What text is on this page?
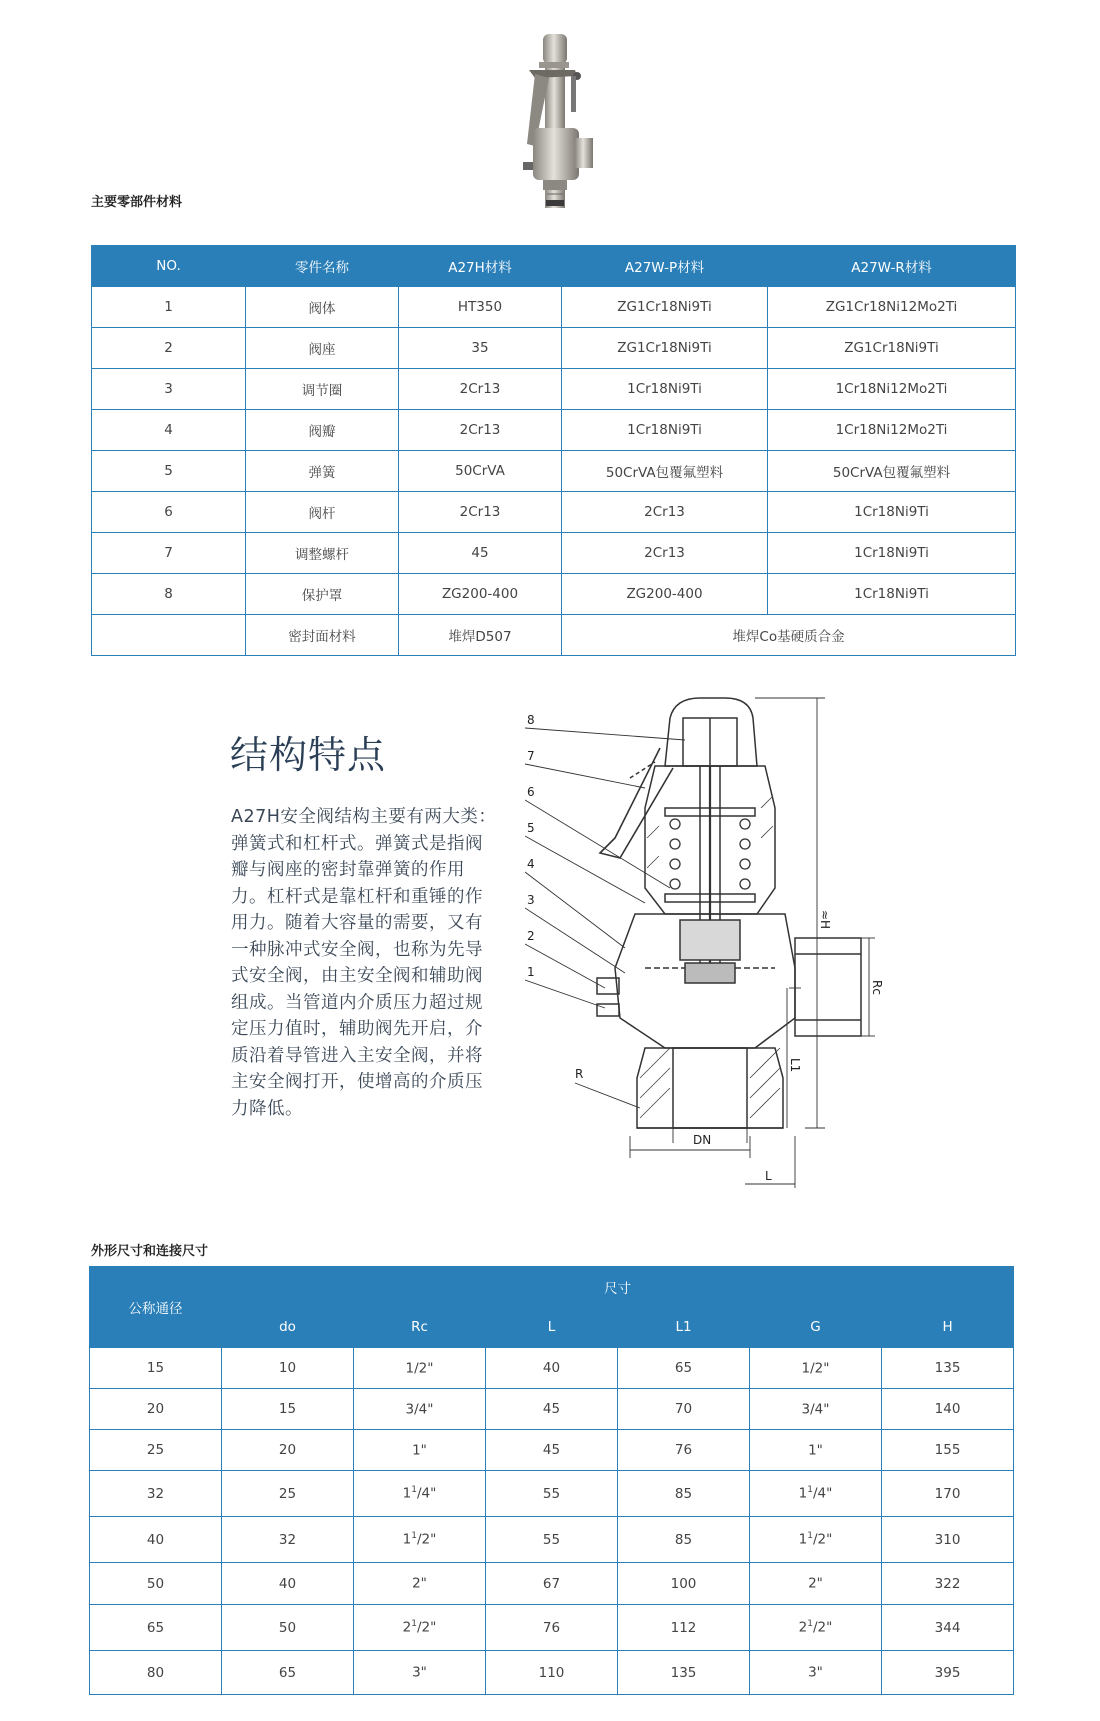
主要零部件材料
NO.	零件名称	A27H材料	A27W-P材料	A27W-R材料
1	阀体	HT350	ZG1Cr18Ni9Ti	ZG1Cr18Ni12Mo2Ti
2	阀座	35	ZG1Cr18Ni9Ti	ZG1Cr18Ni9Ti
3	调节圈	2Cr13	1Cr18Ni9Ti	1Cr18Ni12Mo2Ti
4	阀瓣	2Cr13	1Cr18Ni9Ti	1Cr18Ni12Mo2Ti
5	弹簧	50CrVA	50CrVA包覆氟塑料	50CrVA包覆氟塑料
6	阀杆	2Cr13	2Cr13	1Cr18Ni9Ti
7	调整螺杆	45	2Cr13	1Cr18Ni9Ti
8	保护罩	ZG200-400	ZG200-400	1Cr18Ni9Ti
	密封面材料	堆焊D507	堆焊Co基硬质合金	
结构特点
A27H安全阀结构主要有两大类：
弹簧式和杠杆式。弹簧式是指阀
瓣与阀座的密封靠弹簧的作用
力。杠杆式是靠杠杆和重锤的作
用力。随着大容量的需要，又有
一种脉冲式安全阀，也称为先导
式安全阀，由主安全阀和辅助阀
组成。当管道内介质压力超过规
定压力值时，辅助阀先开启，介
质沿着导管进入主安全阀，并将
主安全阀打开，使增高的介质压
力降低。
8
7
6
5
4
3
2
1
≈H
Rc
L1
DN
L
R
外形尺寸和连接尺寸
公称通径	尺寸					
	do	Rc	L	L1	G	H
15	10	1/2"	40	65	1/2"	135
20	15	3/4"	45	70	3/4"	140
25	20	1"	45	76	1"	155
32	25	$1^1/4$"	55	85	$1^1/4$"	170
40	32	$1^1/2$"	55	85	$1^1/2$"	310
50	40	2"	67	100	2"	322
65	50	$2^1/2$"	76	112	$2^1/2$"	344
80	65	3"	110	135	3"	395
